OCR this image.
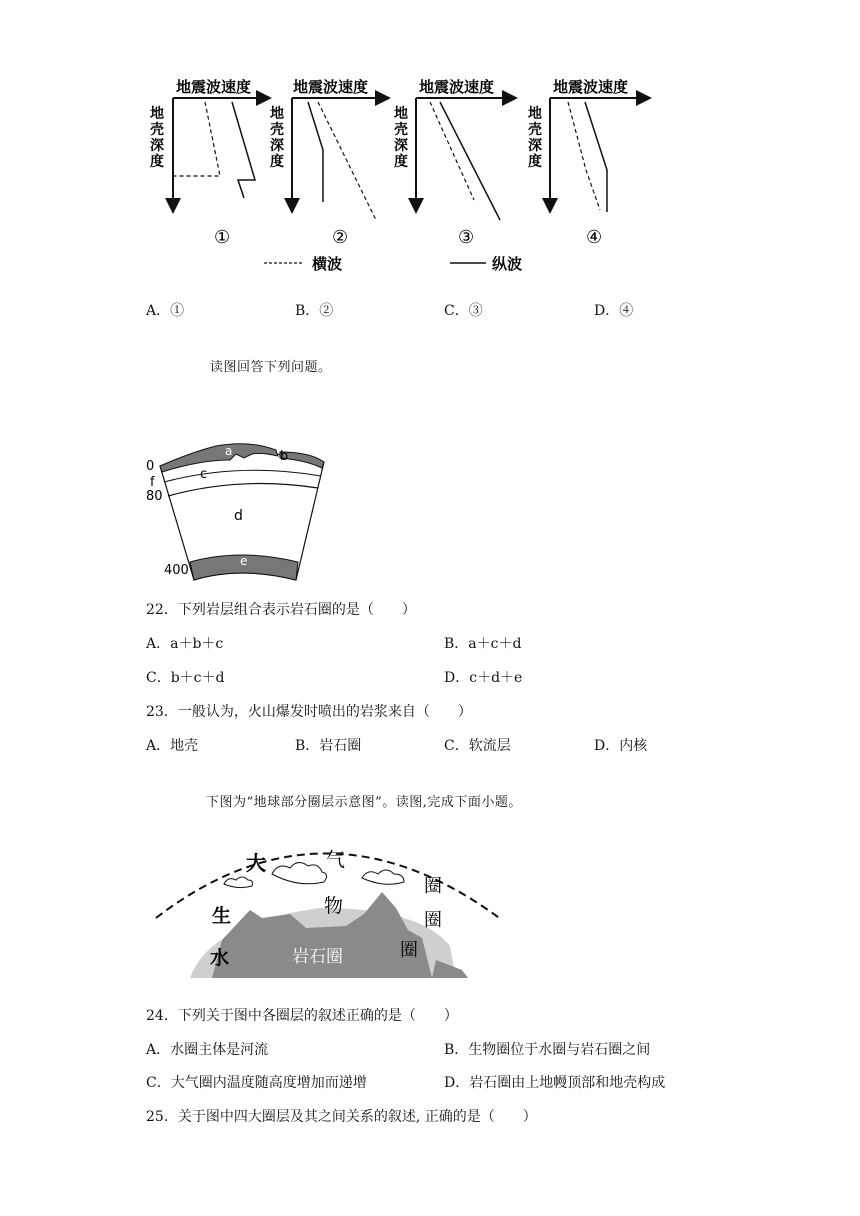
地震波速度
地
壳
深
度
①
地震波速度
地
壳
深
度
②
地震波速度
地
壳
深
度
③
地震波速度
地
壳
深
度
④
横波	纵波
A．①	B．②	C．③	D．④
读图回答下列问题。
a	b
c
d
e
0
f
80
400
22．下列岩层组合表示岩石圈的是（　　）
A．a＋b＋c	B．a＋c＋d
C．b＋c＋d	D．c＋d＋e
23．一般认为，火山爆发时喷出的岩浆来自（　　）
A．地壳	B．岩石圈	C．软流层	D．内核
下图为“地球部分圈层示意图”。读图,完成下面小题。
大	气
圈
生	物
圈
水	圈
岩石圈
24．下列关于图中各圈层的叙述正确的是（　　）
A．水圈主体是河流	B．生物圈位于水圈与岩石圈之间
C．大气圈内温度随高度增加而递增	D．岩石圈由上地幔顶部和地壳构成
25．关于图中四大圈层及其之间关系的叙述, 正确的是（　　）
